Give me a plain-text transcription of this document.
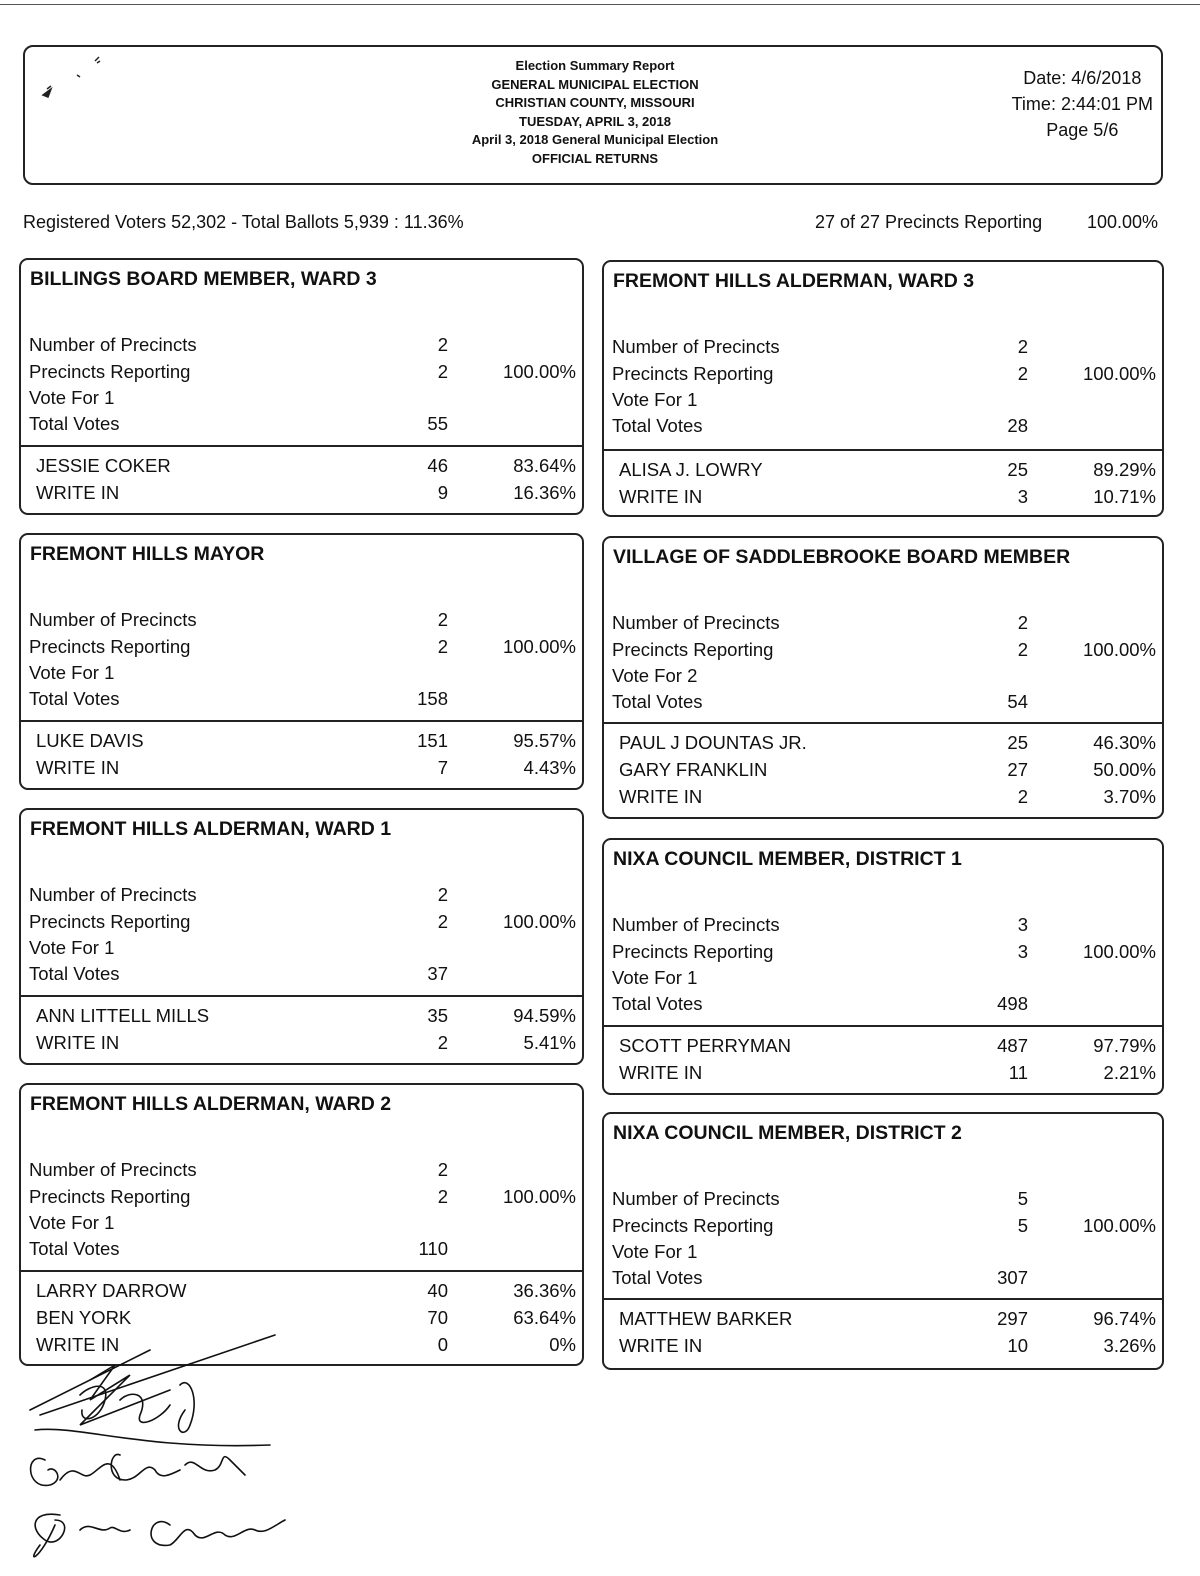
Election Summary Report
GENERAL MUNICIPAL ELECTION
CHRISTIAN COUNTY, MISSOURI
TUESDAY, APRIL 3, 2018
April 3, 2018 General Municipal Election
OFFICIAL RETURNS
Date: 4/6/2018
Time: 2:44:01 PM
Page 5/6
Registered Voters 52,302 - Total Ballots 5,939 : 11.36%	27 of 27 Precincts Reporting 100.00%
BILLINGS BOARD MEMBER, WARD 3
Number of Precincts	2
Precincts Reporting	2	100.00%
Vote For 1
Total Votes	55
JESSIE COKER	46	83.64%
WRITE IN	9	16.36%
FREMONT HILLS MAYOR
Number of Precincts	2
Precincts Reporting	2	100.00%
Vote For 1
Total Votes	158
LUKE DAVIS	151	95.57%
WRITE IN	7	4.43%
FREMONT HILLS ALDERMAN, WARD 1
Number of Precincts	2
Precincts Reporting	2	100.00%
Vote For 1
Total Votes	37
ANN LITTELL MILLS	35	94.59%
WRITE IN	2	5.41%
FREMONT HILLS ALDERMAN, WARD 2
Number of Precincts	2
Precincts Reporting	2	100.00%
Vote For 1
Total Votes	110
LARRY DARROW	40	36.36%
BEN YORK	70	63.64%
WRITE IN	0	0%
FREMONT HILLS ALDERMAN, WARD 3
Number of Precincts	2
Precincts Reporting	2	100.00%
Vote For 1
Total Votes	28
ALISA J. LOWRY	25	89.29%
WRITE IN	3	10.71%
VILLAGE OF SADDLEBROOKE BOARD MEMBER
Number of Precincts	2
Precincts Reporting	2	100.00%
Vote For 2
Total Votes	54
PAUL J DOUNTAS JR.	25	46.30%
GARY FRANKLIN	27	50.00%
WRITE IN	2	3.70%
NIXA COUNCIL MEMBER, DISTRICT 1
Number of Precincts	3
Precincts Reporting	3	100.00%
Vote For 1
Total Votes	498
SCOTT PERRYMAN	487	97.79%
WRITE IN	11	2.21%
NIXA COUNCIL MEMBER, DISTRICT 2
Number of Precincts	5
Precincts Reporting	5	100.00%
Vote For 1
Total Votes	307
MATTHEW BARKER	297	96.74%
WRITE IN	10	3.26%
